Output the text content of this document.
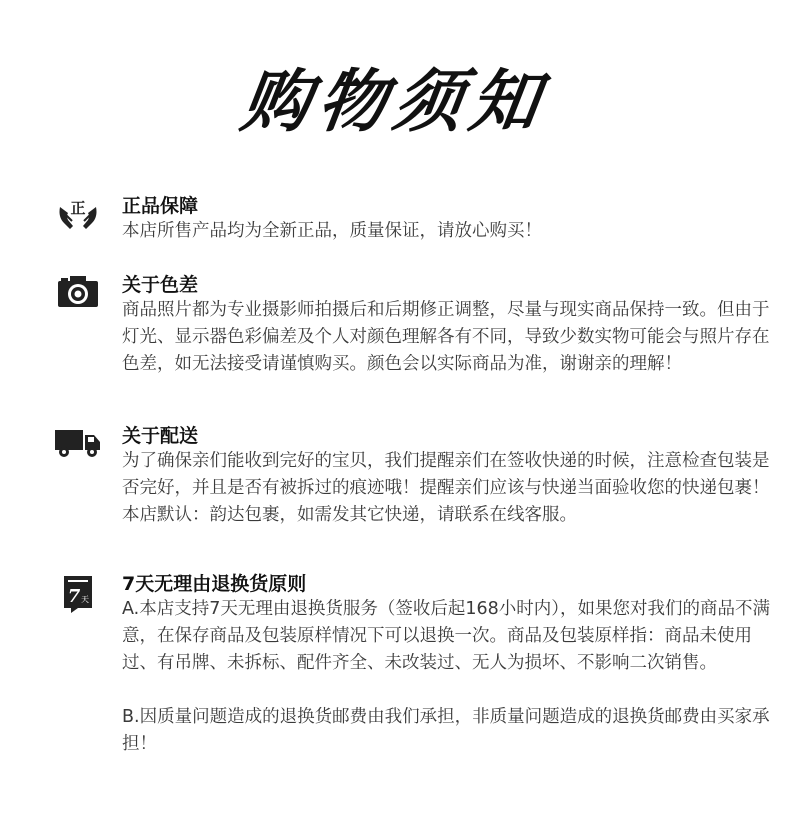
购物须知
正 正品保障

本店所售产品均为全新正品，质量保证，请放心购买！

关于色差

商品照片都为专业摄影师拍摄后和后期修正调整，尽量与现实商品保持一致。但由于灯光、显示器色彩偏差及个人对颜色理解各有不同，导致少数实物可能会与照片存在色差，如无法接受请谨慎购买。颜色会以实际商品为准，谢谢亲的理解！

关于配送

为了确保亲们能收到完好的宝贝，我们提醒亲们在签收快递的时候，注意检查包装是否完好，并且是否有被拆过的痕迹哦！提醒亲们应该与快递当面验收您的快递包裹！

本店默认：韵达包裹，如需发其它快递，请联系在线客服。

7 天
7天无理由退换货原则

A.本店支持7天无理由退换货服务（签收后起168小时内），如果您对我们的商品不满意，在保存商品及包装原样情况下可以退换一次。商品及包装原样指：商品未使用过、有吊牌、未拆标、配件齐全、未改装过、无人为损坏、不影响二次销售。

B.因质量问题造成的退换货邮费由我们承担，非质量问题造成的退换货邮费由买家承担！
